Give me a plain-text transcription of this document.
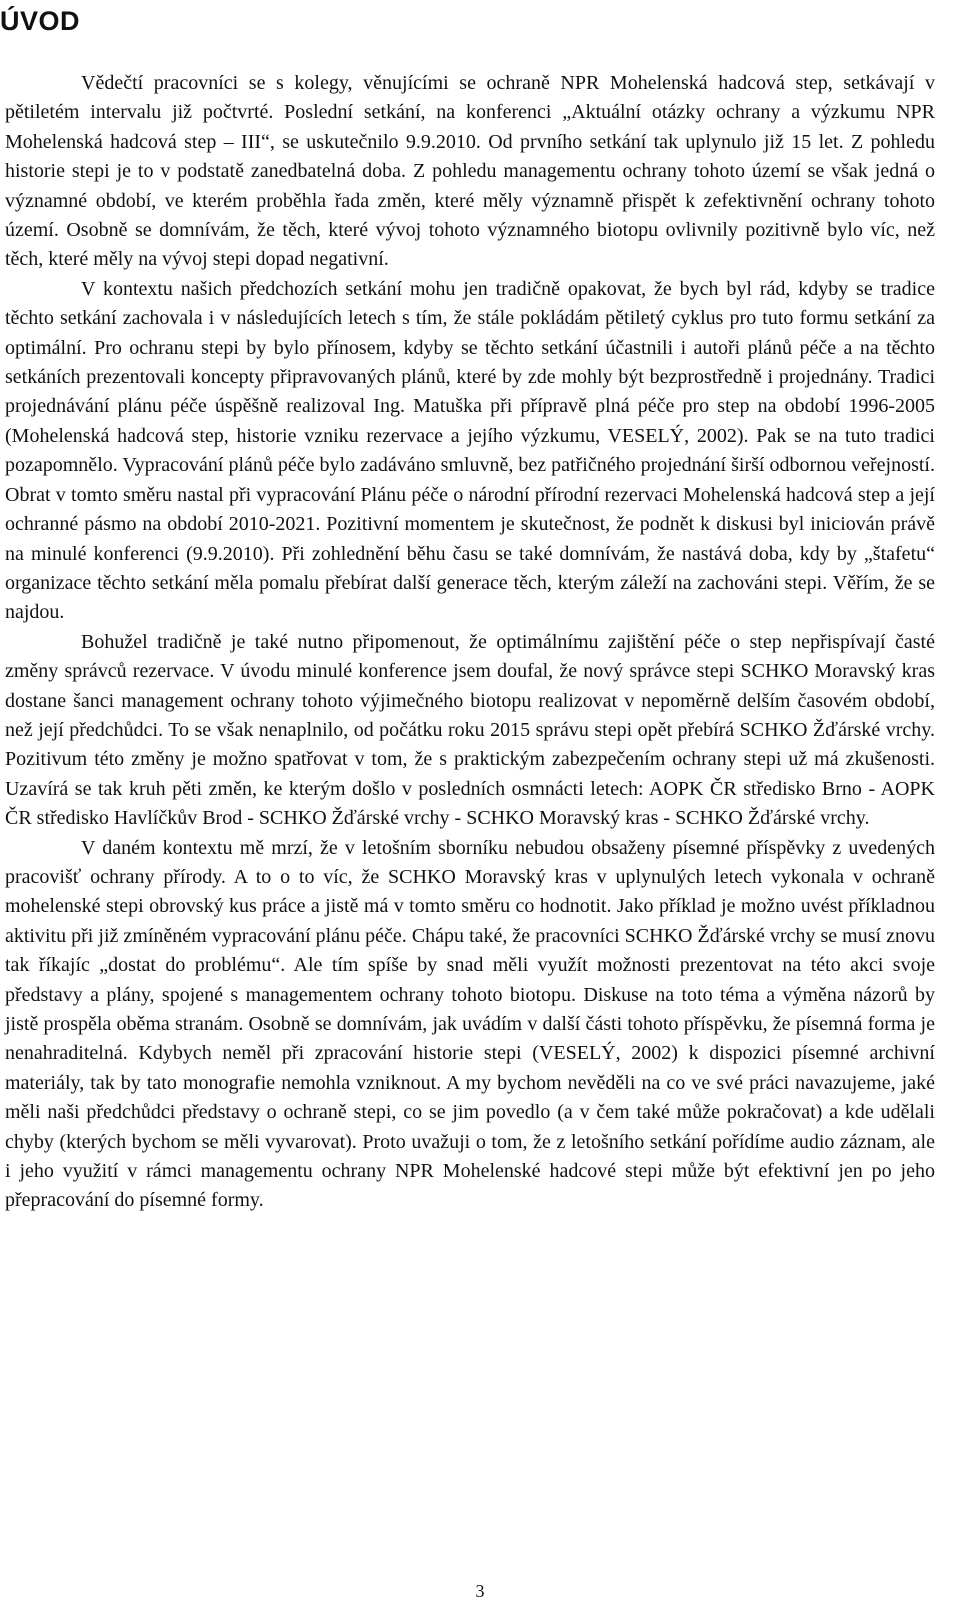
ÚVOD

Vědečtí pracovníci se s kolegy, věnujícími se ochraně NPR Mohelenská hadcová step, setkávají v pětiletém intervalu již počtvrté. Poslední setkání, na konferenci „Aktuální otázky ochrany a výzkumu NPR Mohelenská hadcová step – III“, se uskutečnilo 9.9.2010. Od prvního setkání tak uplynulo již 15 let. Z pohledu historie stepi je to v podstatě zanedbatelná doba. Z pohledu managementu ochrany tohoto území se však jedná o významné období, ve kterém proběhla řada změn, které měly významně přispět k zefektivnění ochrany tohoto území. Osobně se domnívám, že těch, které vývoj tohoto významného biotopu ovlivnily pozitivně bylo víc, než těch, které měly na vývoj stepi dopad negativní.

V kontextu našich předchozích setkání mohu jen tradičně opakovat, že bych byl rád, kdyby se tradice těchto setkání zachovala i v následujících letech s tím, že stále pokládám pětiletý cyklus pro tuto formu setkání za optimální. Pro ochranu stepi by bylo přínosem, kdyby se těchto setkání účastnili i autoři plánů péče a na těchto setkáních prezentovali koncepty připravovaných plánů, které by zde mohly být bezprostředně i projednány. Tradici projednávání plánu péče úspěšně realizoval Ing. Matuška při přípravě plná péče pro step na období 1996-2005 (Mohelenská hadcová step, historie vzniku rezervace a jejího výzkumu, VESELÝ, 2002). Pak se na tuto tradici pozapomnělo. Vypracování plánů péče bylo zadáváno smluvně, bez patřičného projednání širší odbornou veřejností. Obrat v tomto směru nastal při vypracování Plánu péče o národní přírodní rezervaci Mohelenská hadcová step a její ochranné pásmo na období 2010-2021. Pozitivní momentem je skutečnost, že podnět k diskusi byl iniciován právě na minulé konferenci (9.9.2010). Při zohlednění běhu času se také domnívám, že nastává doba, kdy by „štafetu“ organizace těchto setkání měla pomalu přebírat další generace těch, kterým záleží na zachováni stepi. Věřím, že se najdou.

Bohužel tradičně je také nutno připomenout, že optimálnímu zajištění péče o step nepřispívají časté změny správců rezervace. V úvodu minulé konference jsem doufal, že nový správce stepi SCHKO Moravský kras dostane šanci management ochrany tohoto výjimečného biotopu realizovat v nepoměrně delším časovém období, než její předchůdci. To se však nenaplnilo, od počátku roku 2015 správu stepi opět přebírá SCHKO Žďárské vrchy. Pozitivum této změny je možno spatřovat v tom, že s praktickým zabezpečením ochrany stepi už má zkušenosti. Uzavírá se tak kruh pěti změn, ke kterým došlo v posledních osmnácti letech: AOPK ČR středisko Brno - AOPK ČR středisko Havlíčkův Brod - SCHKO Žďárské vrchy - SCHKO Moravský kras - SCHKO Žďárské vrchy.

V daném kontextu mě mrzí, že v letošním sborníku nebudou obsaženy písemné příspěvky z uvedených pracovišť ochrany přírody. A to o to víc, že SCHKO Moravský kras v uplynulých letech vykonala v ochraně mohelenské stepi obrovský kus práce a jistě má v tomto směru co hodnotit. Jako příklad je možno uvést příkladnou aktivitu při již zmíněném vypracování plánu péče. Chápu také, že pracovníci SCHKO Žďárské vrchy se musí znovu tak říkajíc „dostat do problému“. Ale tím spíše by snad měli využít možnosti prezentovat na této akci svoje představy a plány, spojené s managementem ochrany tohoto biotopu. Diskuse na toto téma a výměna názorů by jistě prospěla oběma stranám. Osobně se domnívám, jak uvádím v další části tohoto příspěvku, že písemná forma je nenahraditelná. Kdybych neměl při zpracování historie stepi (VESELÝ, 2002) k dispozici písemné archivní materiály, tak by tato monografie nemohla vzniknout. A my bychom nevěděli na co ve své práci navazujeme, jaké měli naši předchůdci představy o ochraně stepi, co se jim povedlo (a v čem také může pokračovat) a kde udělali chyby (kterých bychom se měli vyvarovat). Proto uvažuji o tom, že z letošního setkání pořídíme audio záznam, ale i jeho využití v rámci managementu ochrany NPR Mohelenské hadcové stepi může být efektivní jen po jeho přepracování do písemné formy.

3
